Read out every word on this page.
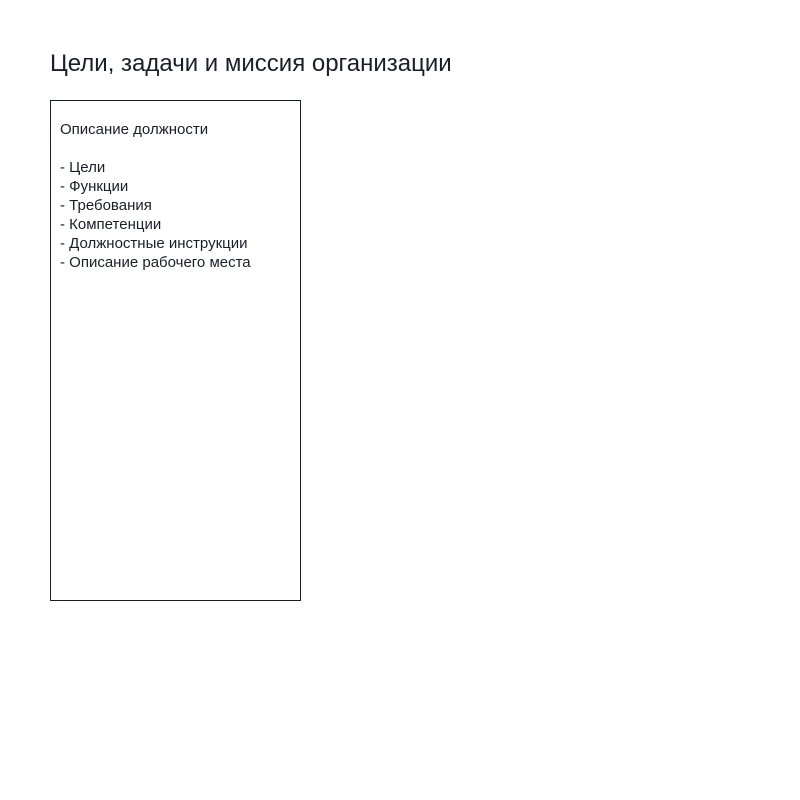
Цели, задачи и миссия организации

Описание должности

- Цели
- Функции
- Требования
- Компетенции
- Должностные инструкции
- Описание рабочего места
